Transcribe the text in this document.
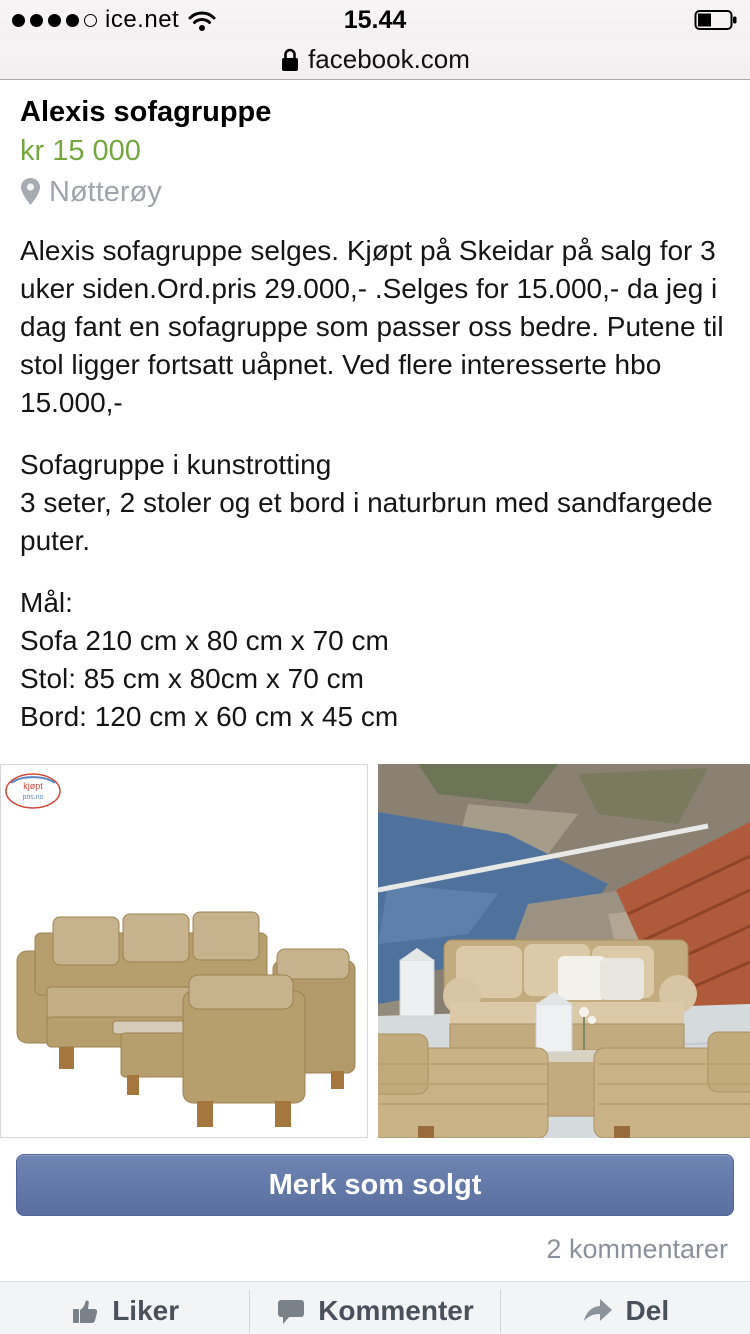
ice.net	15.44
facebook.com
Alexis sofagruppe
kr 15 000
Nøtterøy
Alexis sofagruppe selges. Kjøpt på Skeidar på salg for 3 uker siden.Ord.pris 29.000,- .Selges for 15.000,- da jeg i dag fant en sofagruppe som passer oss bedre. Putene til stol ligger fortsatt uåpnet. Ved flere interesserte hbo 15.000,-
Sofagruppe i kunstrotting
3 seter, 2 stoler og et bord i naturbrun med sandfargede puter.
Mål:
Sofa 210 cm x 80 cm x 70 cm
Stol: 85 cm x 80cm x 70 cm
Bord: 120 cm x 60 cm x 45 cm
kjøpt
pris.no
Merk som solgt
2 kommentarer
Liker	Kommenter	Del
